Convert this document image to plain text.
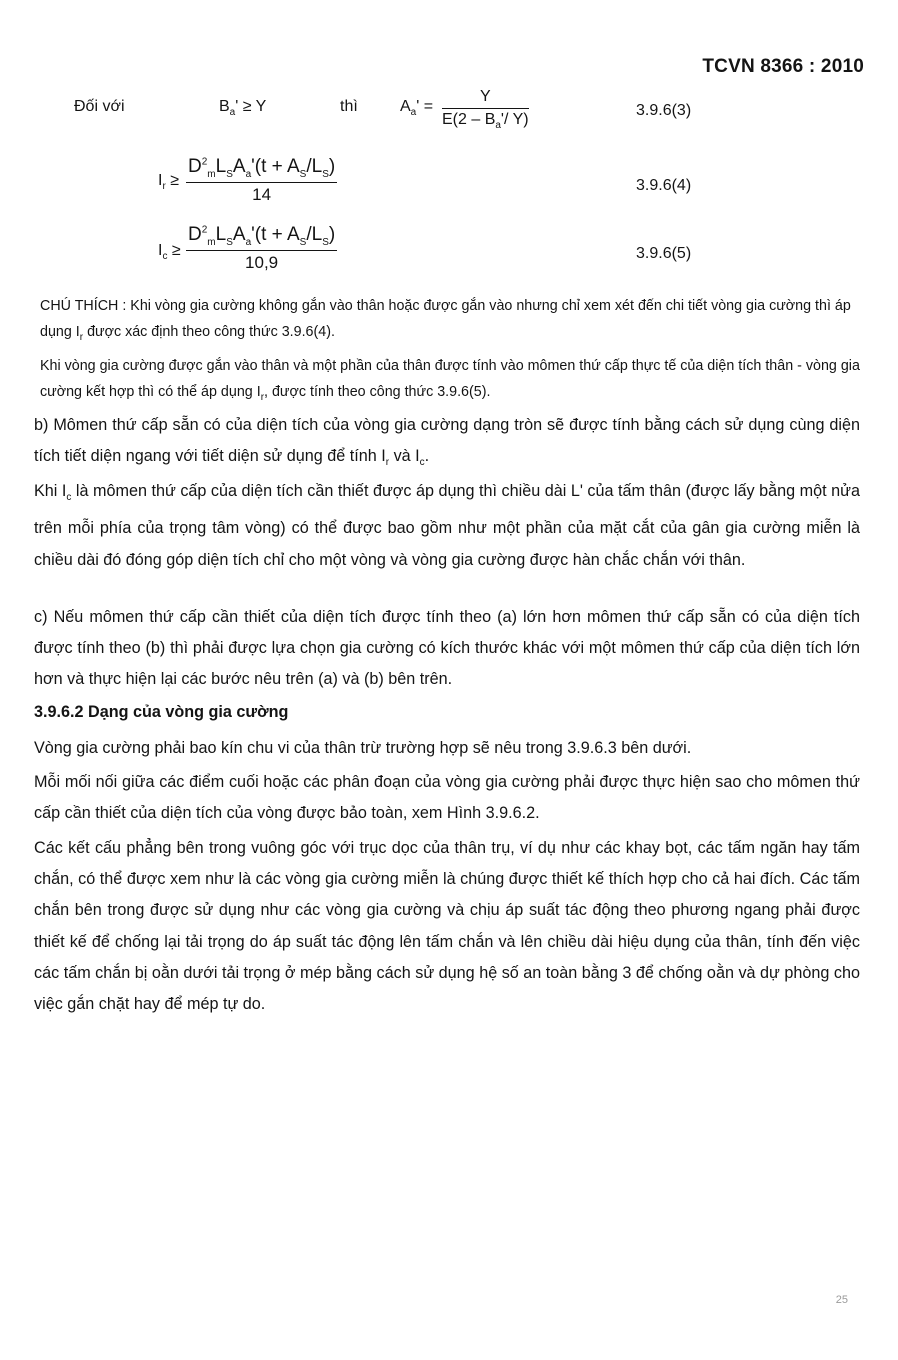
TCVN 8366 : 2010
Đối với	$B_a' \ge Y$	thì	$A_a' = \frac{Y}{E(2 - B_a'/ Y)}$	3.9.6(3)
$I_r$ ≥
$D^2_mL_SA_a'(t + A_S/L_S)$
14	3.9.6(4)
$I_c$ ≥
$D^2_mL_SA_a'(t + A_S/L_S)$
10,9	3.9.6(5)
CHÚ THÍCH : Khi vòng gia cường không gắn vào thân hoặc được gắn vào nhưng chỉ xem xét đến chi tiết vòng gia cường thì áp dụng $I_r$ được xác định theo công thức 3.9.6(4).
Khi vòng gia cường được gắn vào thân và một phần của thân được tính vào mômen thứ cấp thực tế của diện tích thân - vòng gia cường kết hợp thì có thể áp dụng $I_r$, được tính theo công thức 3.9.6(5).
b) Mômen thứ cấp sẵn có của diện tích của vòng gia cường dạng tròn sẽ được tính bằng cách sử dụng cùng diện tích tiết diện ngang với tiết diện sử dụng để tính $I_r$ và $I_c$.
Khi $I_c$ là mômen thứ cấp của diện tích cần thiết được áp dụng thì chiều dài L' của tấm thân (được lấy bằng một nửa trên mỗi phía của trọng tâm vòng) có thể được bao gồm như một phần của mặt cắt của gân gia cường miễn là chiều dài đó đóng góp diện tích chỉ cho một vòng và vòng gia cường được hàn chắc chắn với thân.
c) Nếu mômen thứ cấp cần thiết của diện tích được tính theo (a) lớn hơn mômen thứ cấp sẵn có của diện tích được tính theo (b) thì phải được lựa chọn gia cường có kích thước khác với một mômen thứ cấp của diện tích lớn hơn và thực hiện lại các bước nêu trên (a) và (b) bên trên.
3.9.6.2 Dạng của vòng gia cường
Vòng gia cường phải bao kín chu vi của thân trừ trường hợp sẽ nêu trong 3.9.6.3 bên dưới.
Mỗi mối nối giữa các điểm cuối hoặc các phân đoạn của vòng gia cường phải được thực hiện sao cho mômen thứ cấp cần thiết của diện tích của vòng được bảo toàn, xem Hình 3.9.6.2.
Các kết cấu phẳng bên trong vuông góc với trục dọc của thân trụ, ví dụ như các khay bọt, các tấm ngăn hay tấm chắn, có thể được xem như là các vòng gia cường miễn là chúng được thiết kế thích hợp cho cả hai đích. Các tấm chắn bên trong được sử dụng như các vòng gia cường và chịu áp suất tác động theo phương ngang phải được thiết kế để chống lại tải trọng do áp suất tác động lên tấm chắn và lên chiều dài hiệu dụng của thân, tính đến việc các tấm chắn bị oằn dưới tải trọng ở mép bằng cách sử dụng hệ số an toàn bằng 3 để chống oằn và dự phòng cho việc gắn chặt hay để mép tự do.
25
